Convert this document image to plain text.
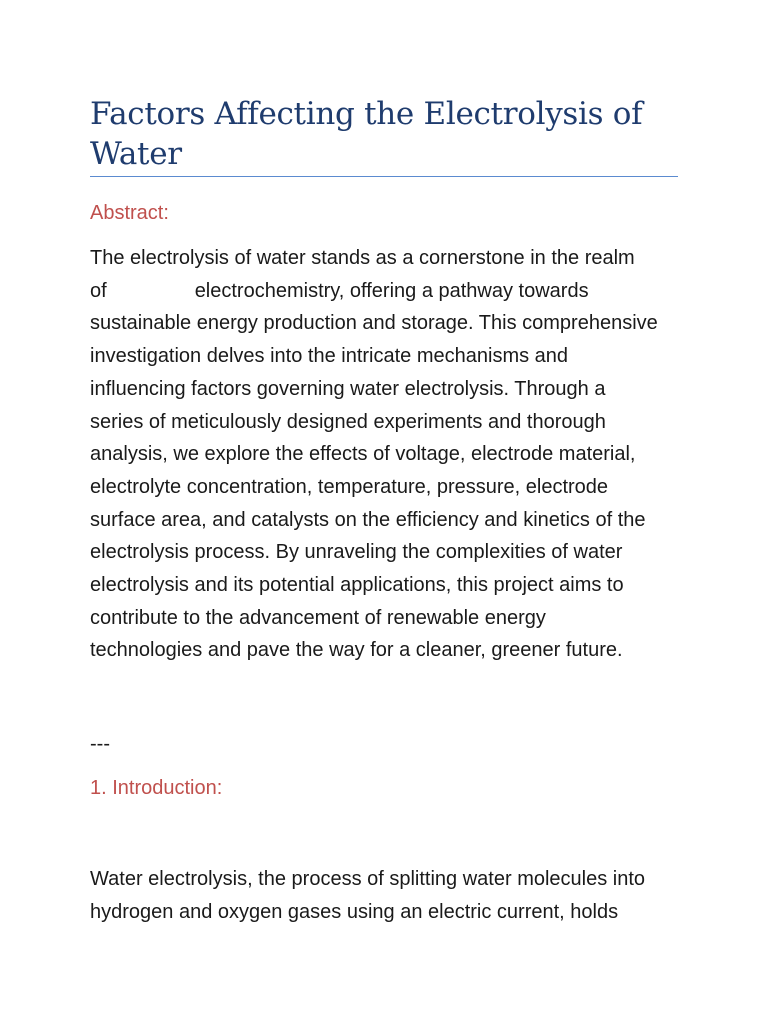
Factors Affecting the Electrolysis of Water
Abstract:
The electrolysis of water stands as a cornerstone in the realm
of	electrochemistry, offering a pathway towards
sustainable energy production and storage. This comprehensive
investigation delves into the intricate mechanisms and
influencing factors governing water electrolysis. Through a
series of meticulously designed experiments and thorough
analysis, we explore the effects of voltage, electrode material,
electrolyte concentration, temperature, pressure, electrode
surface area, and catalysts on the efficiency and kinetics of the
electrolysis process. By unraveling the complexities of water
electrolysis and its potential applications, this project aims to
contribute to the advancement of renewable energy
technologies and pave the way for a cleaner, greener future.

---

1. Introduction:
Water electrolysis, the process of splitting water molecules into
hydrogen and oxygen gases using an electric current, holds
